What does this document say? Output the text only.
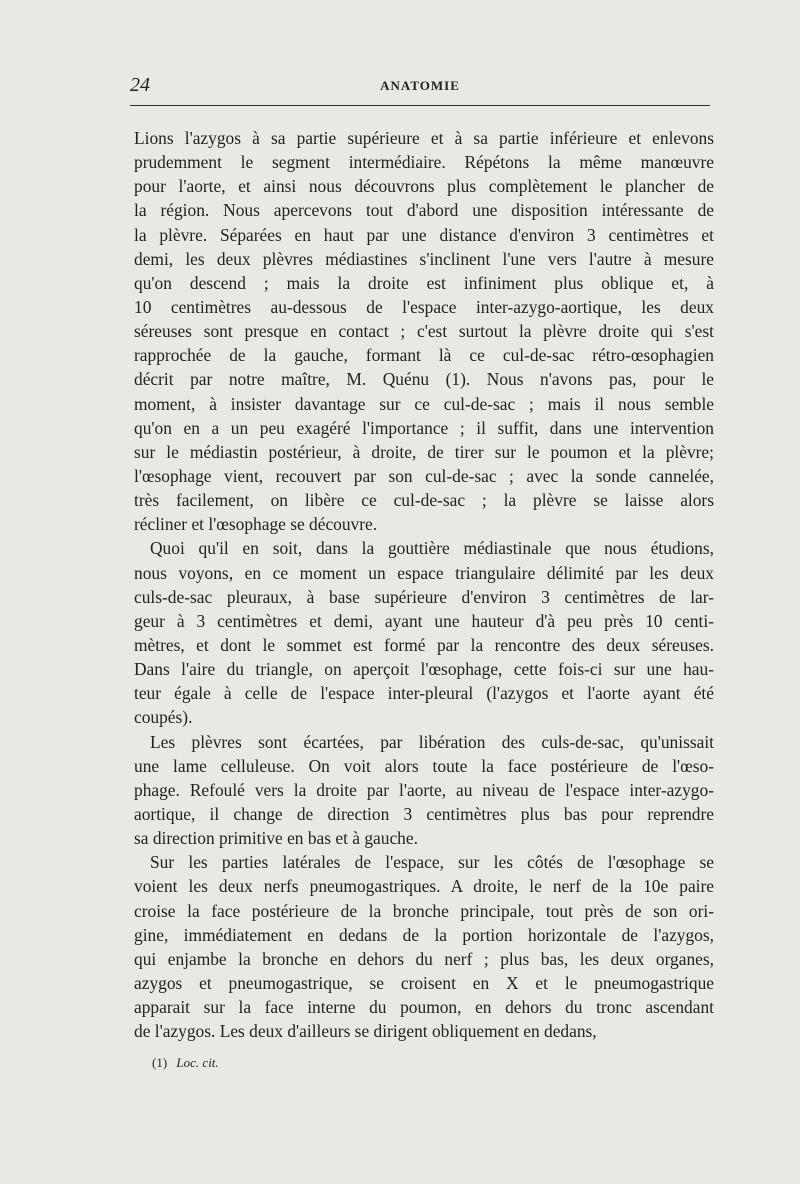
24	ANATOMIE
Lions l'azygos à sa partie supérieure et à sa partie inférieure et enlevons
prudemment le segment intermédiaire. Répétons la même manœuvre
pour l'aorte, et ainsi nous découvrons plus complètement le plancher de
la région. Nous apercevons tout d'abord une disposition intéressante de
la plèvre. Séparées en haut par une distance d'environ 3 centimètres et
demi, les deux plèvres médiastines s'inclinent l'une vers l'autre à mesure
qu'on descend ; mais la droite est infiniment plus oblique et, à
10 centimètres au-dessous de l'espace inter-azygo-aortique, les deux
séreuses sont presque en contact ; c'est surtout la plèvre droite qui s'est
rapprochée de la gauche, formant là ce cul-de-sac rétro-œsophagien
décrit par notre maître, M. Quénu (1). Nous n'avons pas, pour le
moment, à insister davantage sur ce cul-de-sac ; mais il nous semble
qu'on en a un peu exagéré l'importance ; il suffit, dans une intervention
sur le médiastin postérieur, à droite, de tirer sur le poumon et la plèvre;
l'œsophage vient, recouvert par son cul-de-sac ; avec la sonde cannelée,
très facilement, on libère ce cul-de-sac ; la plèvre se laisse alors
récliner et l'œsophage se découvre.
Quoi qu'il en soit, dans la gouttière médiastinale que nous étudions,
nous voyons, en ce moment un espace triangulaire délimité par les deux
culs-de-sac pleuraux, à base supérieure d'environ 3 centimètres de lar-
geur à 3 centimètres et demi, ayant une hauteur d'à peu près 10 centi-
mètres, et dont le sommet est formé par la rencontre des deux séreuses.
Dans l'aire du triangle, on aperçoit l'œsophage, cette fois-ci sur une hau-
teur égale à celle de l'espace inter-pleural (l'azygos et l'aorte ayant été
coupés).
Les plèvres sont écartées, par libération des culs-de-sac, qu'unissait
une lame celluleuse. On voit alors toute la face postérieure de l'œso-
phage. Refoulé vers la droite par l'aorte, au niveau de l'espace inter-azygo-
aortique, il change de direction 3 centimètres plus bas pour reprendre
sa direction primitive en bas et à gauche.
Sur les parties latérales de l'espace, sur les côtés de l'œsophage se
voient les deux nerfs pneumogastriques. A droite, le nerf de la 10e paire
croise la face postérieure de la bronche principale, tout près de son ori-
gine, immédiatement en dedans de la portion horizontale de l'azygos,
qui enjambe la bronche en dehors du nerf ; plus bas, les deux organes,
azygos et pneumogastrique, se croisent en X et le pneumogastrique
apparait sur la face interne du poumon, en dehors du tronc ascendant
de l'azygos. Les deux d'ailleurs se dirigent obliquement en dedans,
(1) Loc. cit.
